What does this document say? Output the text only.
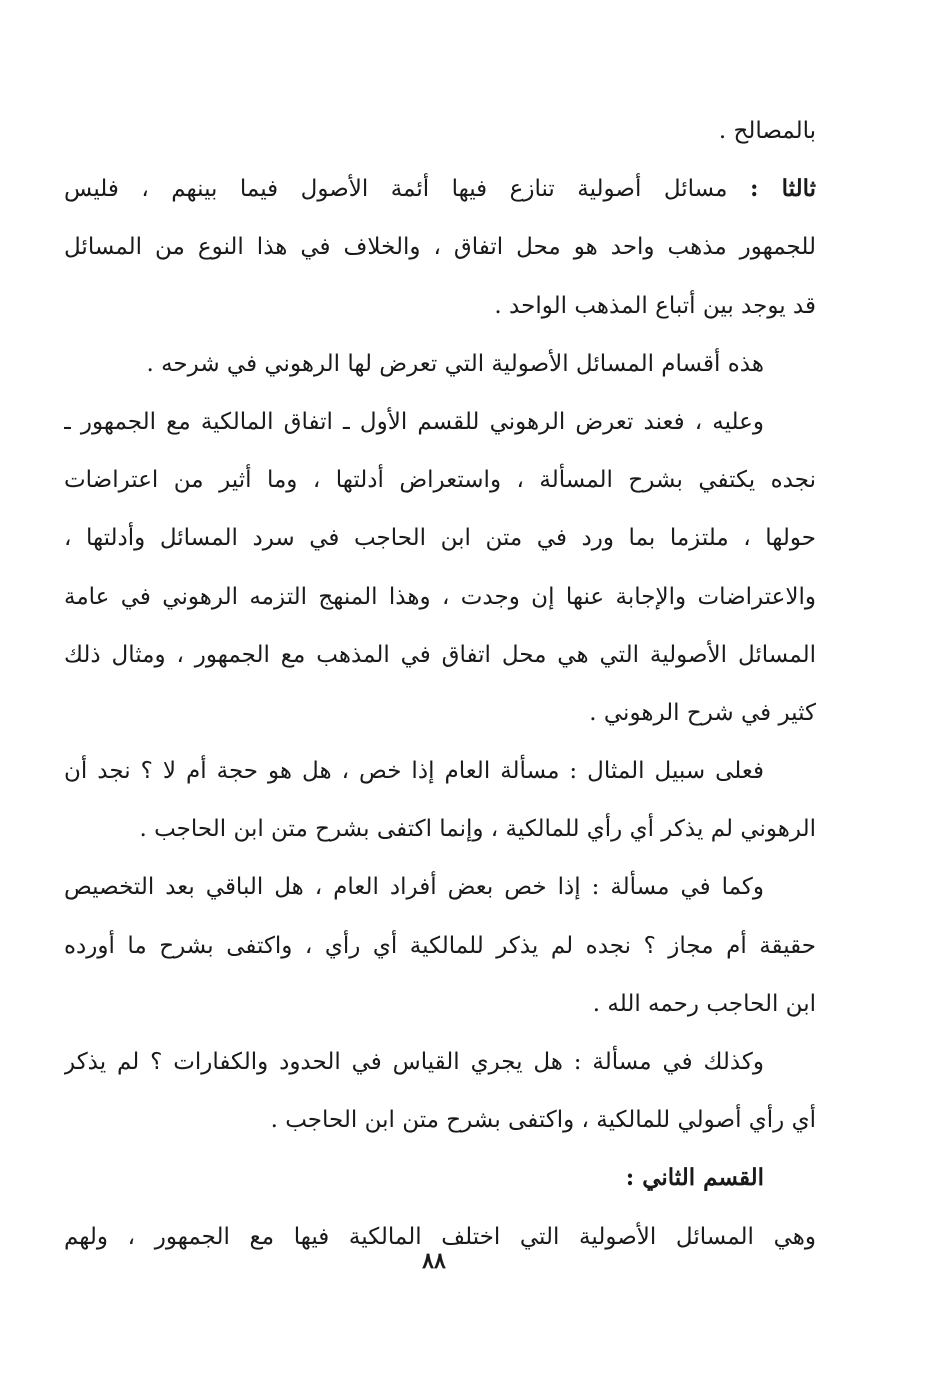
بالمصالح .
ثالثا : مسائل أصولية تنازع فيها أئمة الأصول فيما بينهم ، فليس
للجمهور مذهب واحد هو محل اتفاق ، والخلاف في هذا النوع من المسائل
قد يوجد بين أتباع المذهب الواحد .
هذه أقسام المسائل الأصولية التي تعرض لها الرهوني في شرحه .
وعليه ، فعند تعرض الرهوني للقسم الأول ـ اتفاق المالكية مع الجمهور ـ
نجده يكتفي بشرح المسألة ، واستعراض أدلتها ، وما أثير من اعتراضات
حولها ، ملتزما بما ورد في متن ابن الحاجب في سرد المسائل وأدلتها ،
والاعتراضات والإجابة عنها إن وجدت ، وهذا المنهج التزمه الرهوني في عامة
المسائل الأصولية التي هي محل اتفاق في المذهب مع الجمهور ، ومثال ذلك
كثير في شرح الرهوني .
فعلى سبيل المثال : مسألة العام إذا خص ، هل هو حجة أم لا ؟ نجد أن
الرهوني لم يذكر أي رأي للمالكية ، وإنما اكتفى بشرح متن ابن الحاجب .
وكما في مسألة : إذا خص بعض أفراد العام ، هل الباقي بعد التخصيص
حقيقة أم مجاز ؟ نجده لم يذكر للمالكية أي رأي ، واكتفى بشرح ما أورده
ابن الحاجب رحمه الله .
وكذلك في مسألة : هل يجري القياس في الحدود والكفارات ؟ لم يذكر
أي رأي أصولي للمالكية ، واكتفى بشرح متن ابن الحاجب .
القسم الثاني :
وهي المسائل الأصولية التي اختلف المالكية فيها مع الجمهور ، ولهم
٨٨
